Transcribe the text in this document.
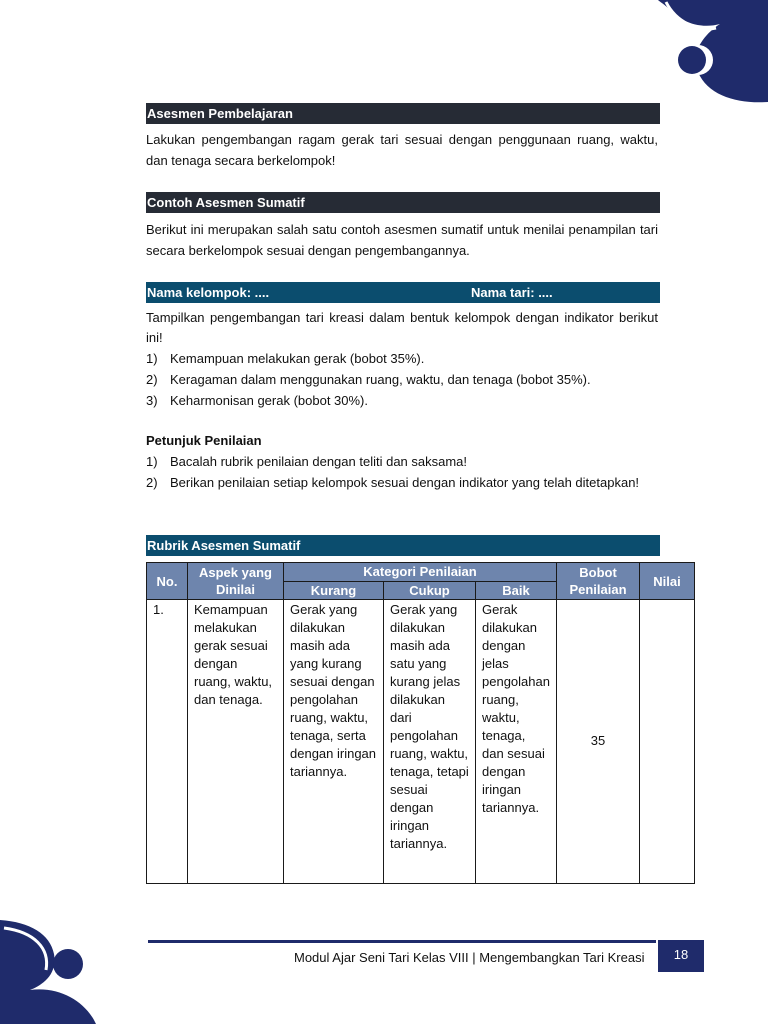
Asesmen Pembelajaran
Lakukan pengembangan ragam gerak tari sesuai dengan penggunaan ruang, waktu, dan tenaga secara berkelompok!
Contoh Asesmen Sumatif
Berikut ini merupakan salah satu contoh asesmen sumatif untuk menilai penampilan tari secara berkelompok sesuai dengan pengembangannya.
Nama kelompok: ....	Nama tari: ....
Tampilkan pengembangan tari kreasi dalam bentuk kelompok dengan indikator berikut ini!
1) Kemampuan melakukan gerak (bobot 35%).
2) Keragaman dalam menggunakan ruang, waktu, dan tenaga (bobot 35%).
3) Keharmonisan gerak (bobot 30%).
Petunjuk Penilaian
1) Bacalah rubrik penilaian dengan teliti dan saksama!
2) Berikan penilaian setiap kelompok sesuai dengan indikator yang telah ditetapkan!
Rubrik Asesmen Sumatif
No.	Aspek yang Dinilai	Kategori Penilaian			Bobot Penilaian	Nilai
		Kurang	Cukup	Baik		
1.	Kemampuan melakukan gerak sesuai dengan ruang, waktu, dan tenaga.	Gerak yang dilakukan masih ada yang kurang sesuai dengan pengolahan ruang, waktu, tenaga, serta dengan iringan tariannya.	Gerak yang dilakukan masih ada satu yang kurang jelas dilakukan dari pengolahan ruang, waktu, tenaga, tetapi sesuai dengan iringan tariannya.	Gerak dilakukan dengan jelas pengolahan ruang, waktu, tenaga, dan sesuai dengan iringan tariannya.	35	
Modul Ajar Seni Tari Kelas VIII | Mengembangkan Tari Kreasi	18
